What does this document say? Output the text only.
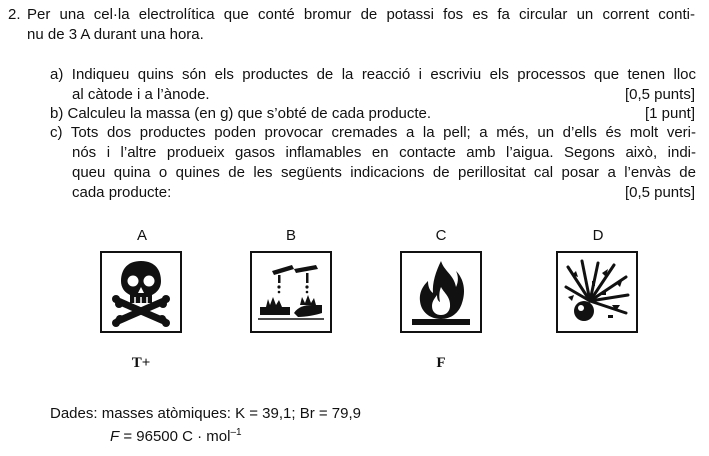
2. Per una cel·la electrolítica que conté bromur de potassi fos es fa circular un corrent conti-
nu de 3 A durant una hora.
a) Indiqueu quins són els productes de la reacció i escriviu els processos que tenen lloc
al càtode i a l’ànode.	[0,5 punts]
b) Calculeu la massa (en g) que s’obté de cada producte.	[1 punt]
c) Tots dos productes poden provocar cremades a la pell; a més, un d’ells és molt veri-
nós i l’altre produeix gasos inflamables en contacte amb l’aigua. Segons això, indi-
queu quina o quines de les següents indicacions de perillositat cal posar a l’envàs de
cada producte:	[0,5 punts]
A	B	C	D
T+	F
Dades: masses atòmiques: K = 39,1; Br = 79,9
F = 96500 C · mol$^{-1}$
